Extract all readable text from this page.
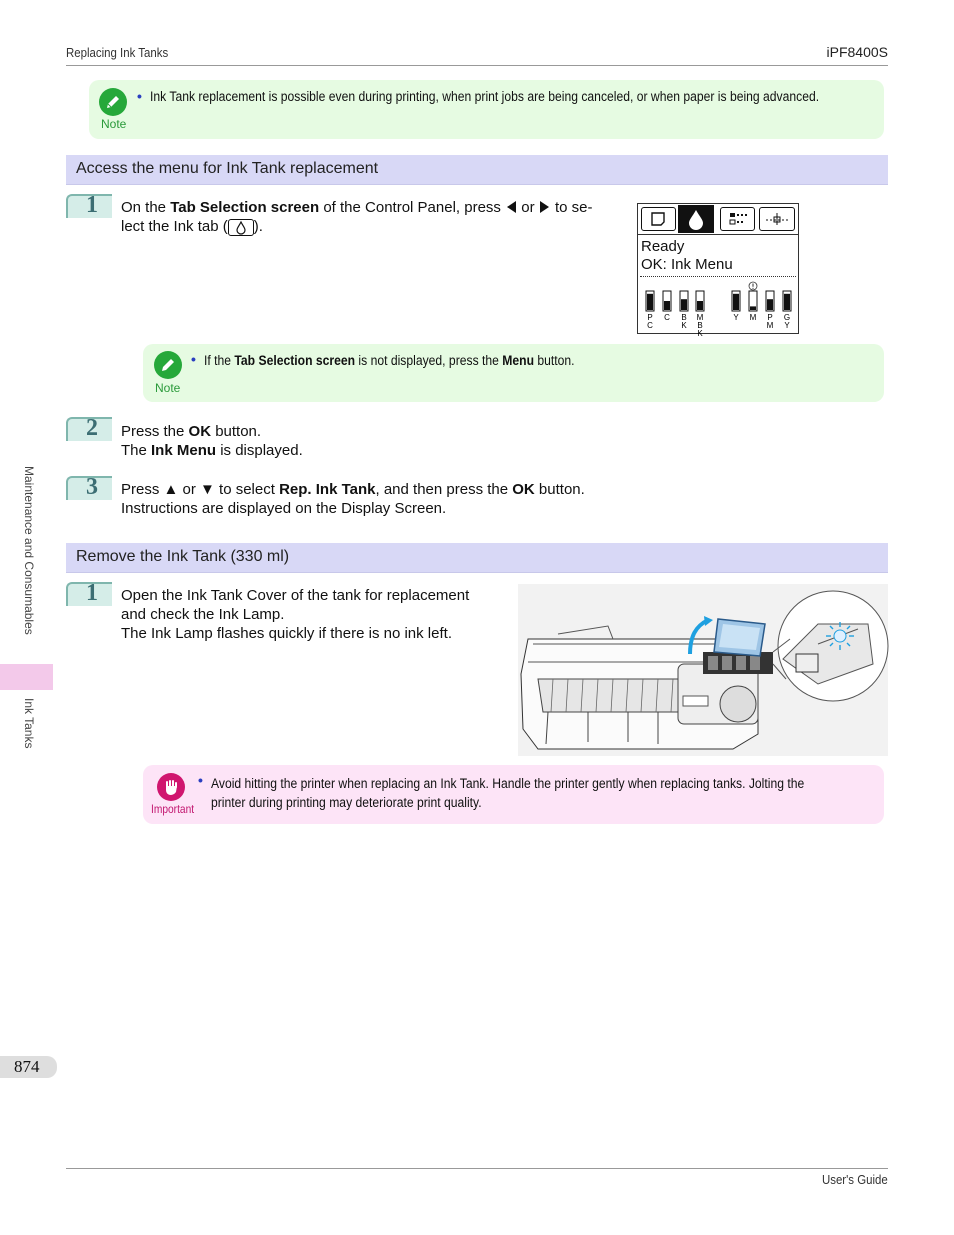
Replacing Ink Tanks	iPF8400S
Note
• Ink Tank replacement is possible even during printing, when print jobs are being canceled, or when paper is being advanced.
Access the menu for Ink Tank replacement
1 On the Tab Selection screen of the Control Panel, press  or  to se-
lect the Ink tab ( ).
Ready
OK: Ink Menu
P
C
C B
K
M
B
K
Y M P
M
G
Y
Note
• If the Tab Selection screen is not displayed, press the Menu button.
2 Press the OK button.
The Ink Menu is displayed.
3 Press ▲ or ▼ to select Rep. Ink Tank, and then press the OK button.
Instructions are displayed on the Display Screen.
Remove the Ink Tank (330 ml)
1 Open the Ink Tank Cover of the tank for replacement
and check the Ink Lamp.
The Ink Lamp flashes quickly if there is no ink left.
Important
• Avoid hitting the printer when replacing an Ink Tank. Handle the printer gently when replacing tanks. Jolting the
printer during printing may deteriorate print quality.
Maintenance and Consumables
Ink Tanks
874
User's Guide
